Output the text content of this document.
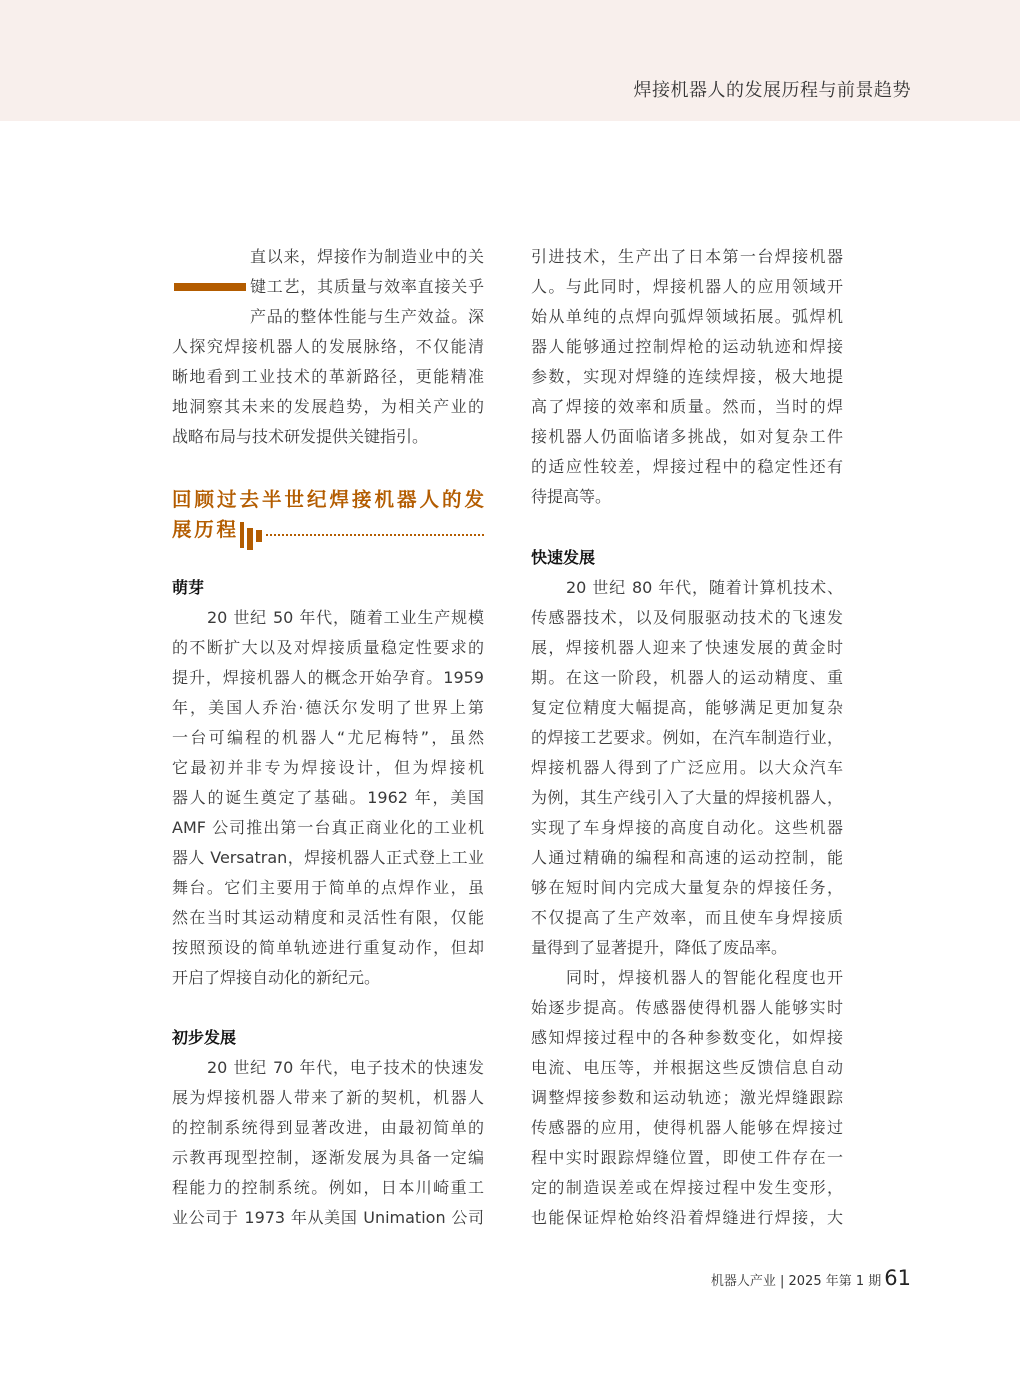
焊接机器人的发展历程与前景趋势
直以来，焊接作为制造业中的关
键工艺，其质量与效率直接关乎
产品的整体性能与生产效益。深
人探究焊接机器人的发展脉络，不仅能清
晰地看到工业技术的革新路径，更能精准
地洞察其未来的发展趋势，为相关产业的
战略布局与技术研发提供关键指引。
回顾过去半世纪焊接机器人的发
展历程
萌芽
20 世纪 50 年代，随着工业生产规模
的不断扩大以及对焊接质量稳定性要求的
提升，焊接机器人的概念开始孕育。1959
年，美国人乔治·德沃尔发明了世界上第
一台可编程的机器人“尤尼梅特”，虽然
它最初并非专为焊接设计，但为焊接机
器人的诞生奠定了基础。1962 年，美国
AMF 公司推出第一台真正商业化的工业机
器人 Versatran，焊接机器人正式登上工业
舞台。它们主要用于简单的点焊作业，虽
然在当时其运动精度和灵活性有限，仅能
按照预设的简单轨迹进行重复动作，但却
开启了焊接自动化的新纪元。
初步发展
20 世纪 70 年代，电子技术的快速发
展为焊接机器人带来了新的契机，机器人
的控制系统得到显著改进，由最初简单的
示教再现型控制，逐渐发展为具备一定编
程能力的控制系统。例如，日本川崎重工
业公司于 1973 年从美国 Unimation 公司
引进技术，生产出了日本第一台焊接机器
人。与此同时，焊接机器人的应用领域开
始从单纯的点焊向弧焊领域拓展。弧焊机
器人能够通过控制焊枪的运动轨迹和焊接
参数，实现对焊缝的连续焊接，极大地提
高了焊接的效率和质量。然而，当时的焊
接机器人仍面临诸多挑战，如对复杂工件
的适应性较差，焊接过程中的稳定性还有
待提高等。
快速发展
20 世纪 80 年代，随着计算机技术、
传感器技术，以及伺服驱动技术的飞速发
展，焊接机器人迎来了快速发展的黄金时
期。在这一阶段，机器人的运动精度、重
复定位精度大幅提高，能够满足更加复杂
的焊接工艺要求。例如，在汽车制造行业，
焊接机器人得到了广泛应用。以大众汽车
为例，其生产线引入了大量的焊接机器人，
实现了车身焊接的高度自动化。这些机器
人通过精确的编程和高速的运动控制，能
够在短时间内完成大量复杂的焊接任务，
不仅提高了生产效率，而且使车身焊接质
量得到了显著提升，降低了废品率。
同时，焊接机器人的智能化程度也开
始逐步提高。传感器使得机器人能够实时
感知焊接过程中的各种参数变化，如焊接
电流、电压等，并根据这些反馈信息自动
调整焊接参数和运动轨迹；激光焊缝跟踪
传感器的应用，使得机器人能够在焊接过
程中实时跟踪焊缝位置，即使工件存在一
定的制造误差或在焊接过程中发生变形，
也能保证焊枪始终沿着焊缝进行焊接，大
机器人产业 | 2025 年第 1 期 61
